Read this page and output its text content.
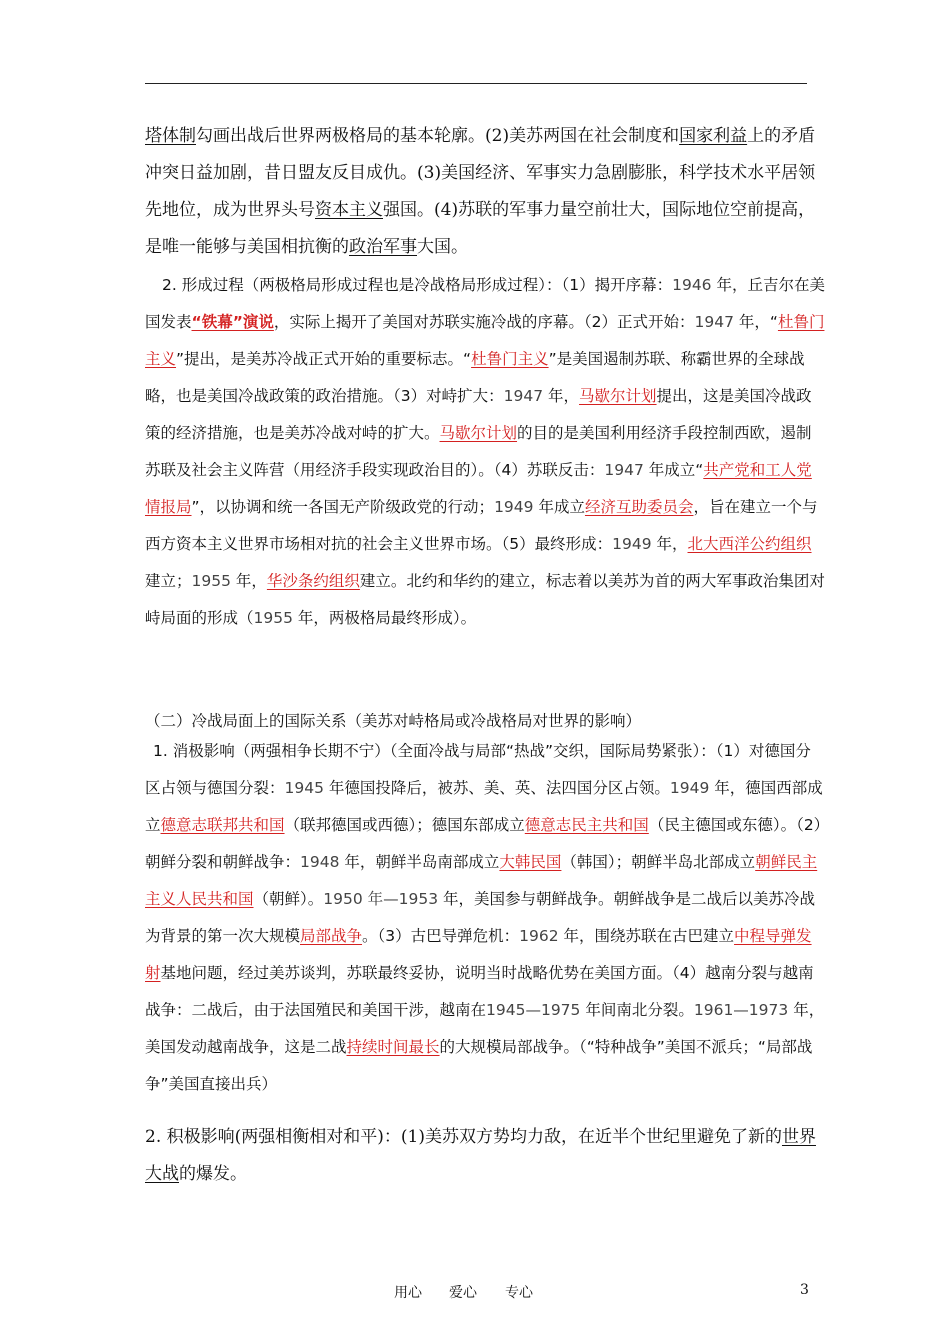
塔体制勾画出战后世界两极格局的基本轮廓。(2)美苏两国在社会制度和国家利益上的矛盾冲突日益加剧，昔日盟友反目成仇。(3)美国经济、军事实力急剧膨胀，科学技术水平居领先地位，成为世界头号资本主义强国。(4)苏联的军事力量空前壮大，国际地位空前提高，是唯一能够与美国相抗衡的政治军事大国。
2. 形成过程（两极格局形成过程也是冷战格局形成过程）：（1）揭开序幕：1946 年，丘吉尔在美国发表“铁幕”演说，实际上揭开了美国对苏联实施冷战的序幕。（2）正式开始：1947 年，“杜鲁门主义”提出，是美苏冷战正式开始的重要标志。“杜鲁门主义”是美国遏制苏联、称霸世界的全球战略，也是美国冷战政策的政治措施。（3）对峙扩大：1947 年，马歇尔计划提出，这是美国冷战政策的经济措施，也是美苏冷战对峙的扩大。马歇尔计划的目的是美国利用经济手段控制西欧，遏制苏联及社会主义阵营（用经济手段实现政治目的）。（4）苏联反击：1947 年成立“共产党和工人党情报局”，以协调和统一各国无产阶级政党的行动；1949 年成立经济互助委员会，旨在建立一个与西方资本主义世界市场相对抗的社会主义世界市场。（5）最终形成：1949 年，北大西洋公约组织建立；1955 年，华沙条约组织建立。北约和华约的建立，标志着以美苏为首的两大军事政治集团对峙局面的形成（1955 年，两极格局最终形成）。
（二）冷战局面上的国际关系（美苏对峙格局或冷战格局对世界的影响）
1. 消极影响（两强相争长期不宁）（全面冷战与局部“热战”交织，国际局势紧张）：（1）对德国分区占领与德国分裂：1945 年德国投降后，被苏、美、英、法四国分区占领。1949 年，德国西部成立德意志联邦共和国（联邦德国或西德）；德国东部成立德意志民主共和国（民主德国或东德）。（2）朝鲜分裂和朝鲜战争：1948 年，朝鲜半岛南部成立大韩民国（韩国）；朝鲜半岛北部成立朝鲜民主主义人民共和国（朝鲜）。1950 年—1953 年，美国参与朝鲜战争。朝鲜战争是二战后以美苏冷战为背景的第一次大规模局部战争。（3）古巴导弹危机：1962 年，围绕苏联在古巴建立中程导弹发射基地问题，经过美苏谈判，苏联最终妥协，说明当时战略优势在美国方面。（4）越南分裂与越南战争：二战后，由于法国殖民和美国干涉，越南在1945—1975 年间南北分裂。1961—1973 年，美国发动越南战争，这是二战持续时间最长的大规模局部战争。（“特种战争”美国不派兵；“局部战争”美国直接出兵）
2. 积极影响(两强相衡相对和平)：(1)美苏双方势均力敌，在近半个世纪里避免了新的世界大战的爆发。
用心 爱心 专心	3
